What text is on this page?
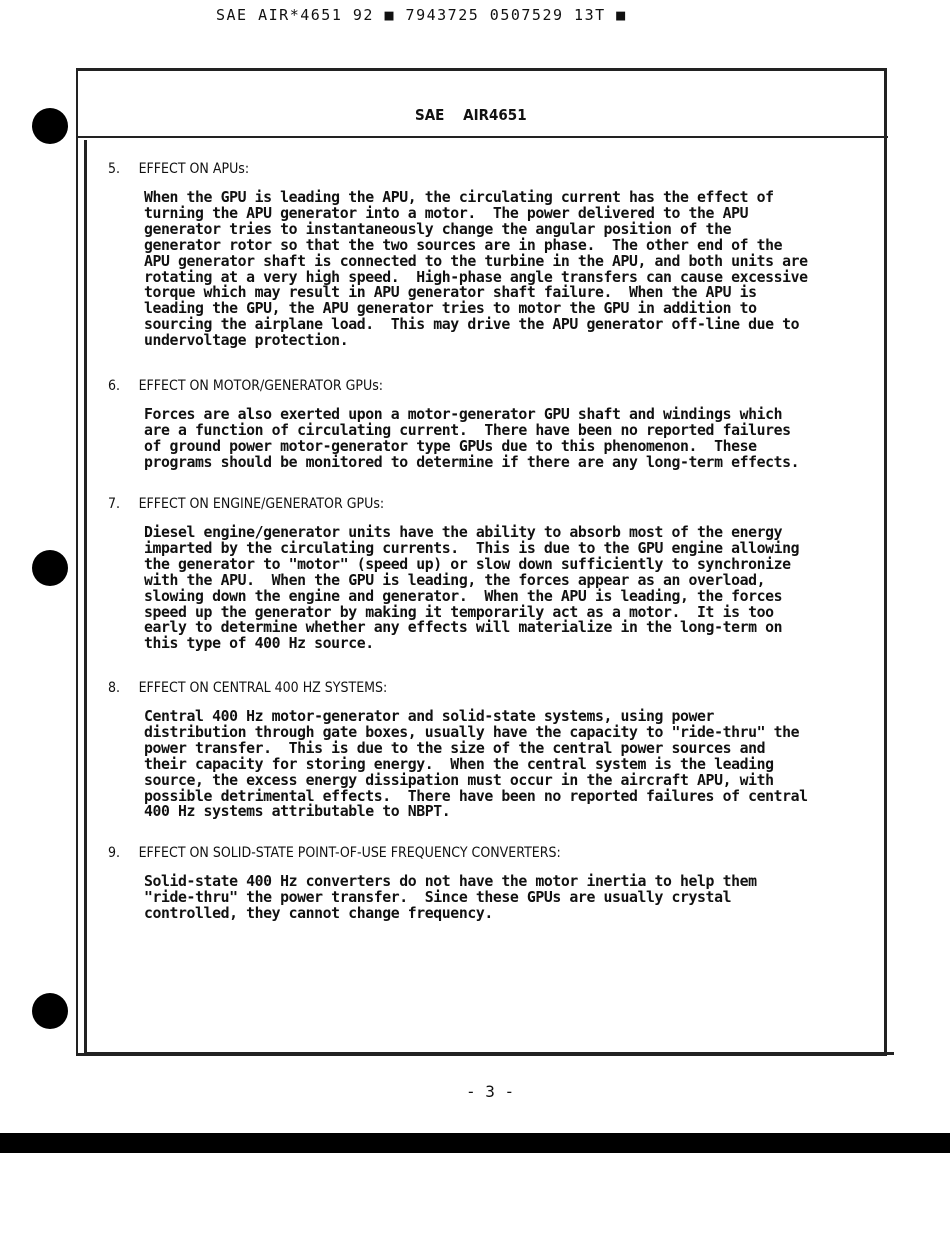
SAE AIR*4651 92 ■ 7943725 0507529 13T ■
SAE AIR4651

5. EFFECT ON APUs:

When the GPU is leading the APU, the circulating current has the effect of
turning the APU generator into a motor.  The power delivered to the APU
generator tries to instantaneously change the angular position of the
generator rotor so that the two sources are in phase.  The other end of the
APU generator shaft is connected to the turbine in the APU, and both units are
rotating at a very high speed.  High-phase angle transfers can cause excessive
torque which may result in APU generator shaft failure.  When the APU is
leading the GPU, the APU generator tries to motor the GPU in addition to
sourcing the airplane load.  This may drive the APU generator off-line due to
undervoltage protection.

6. EFFECT ON MOTOR/GENERATOR GPUs:

Forces are also exerted upon a motor-generator GPU shaft and windings which
are a function of circulating current.  There have been no reported failures
of ground power motor-generator type GPUs due to this phenomenon.  These
programs should be monitored to determine if there are any long-term effects.

7. EFFECT ON ENGINE/GENERATOR GPUs:

Diesel engine/generator units have the ability to absorb most of the energy
imparted by the circulating currents.  This is due to the GPU engine allowing
the generator to "motor" (speed up) or slow down sufficiently to synchronize
with the APU.  When the GPU is leading, the forces appear as an overload,
slowing down the engine and generator.  When the APU is leading, the forces
speed up the generator by making it temporarily act as a motor.  It is too
early to determine whether any effects will materialize in the long-term on
this type of 400 Hz source.

8. EFFECT ON CENTRAL 400 HZ SYSTEMS:

Central 400 Hz motor-generator and solid-state systems, using power
distribution through gate boxes, usually have the capacity to "ride-thru" the
power transfer.  This is due to the size of the central power sources and
their capacity for storing energy.  When the central system is the leading
source, the excess energy dissipation must occur in the aircraft APU, with
possible detrimental effects.  There have been no reported failures of central
400 Hz systems attributable to NBPT.

9. EFFECT ON SOLID-STATE POINT-OF-USE FREQUENCY CONVERTERS:

Solid-state 400 Hz converters do not have the motor inertia to help them
"ride-thru" the power transfer.  Since these GPUs are usually crystal
controlled, they cannot change frequency.
- 3 -
